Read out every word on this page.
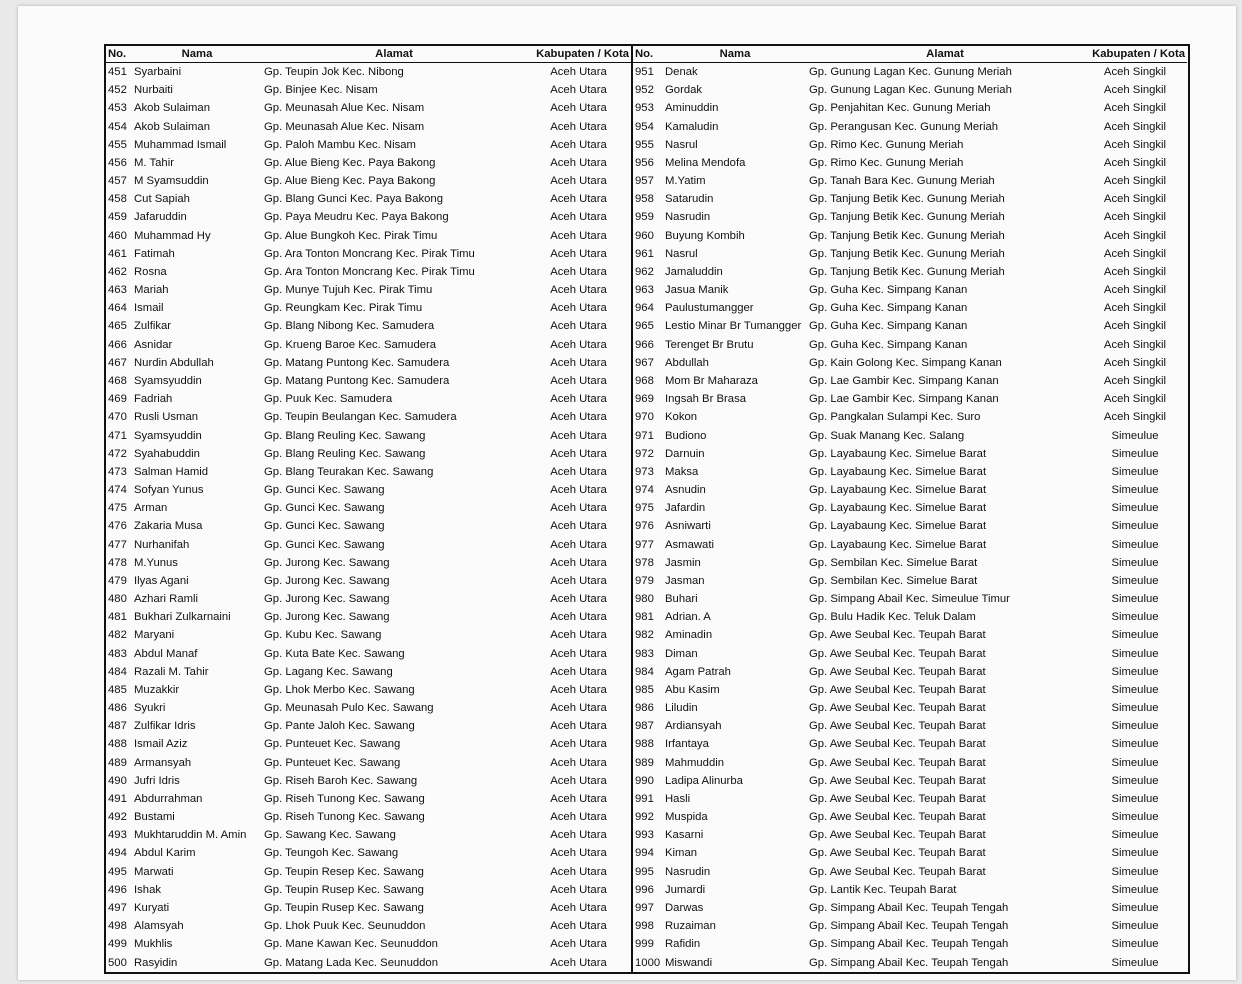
No.	Nama	Alamat	Kabupaten / Kota
451	Syarbaini	Gp. Teupin Jok Kec. Nibong	Aceh Utara
452	Nurbaiti	Gp. Binjee Kec. Nisam	Aceh Utara
453	Akob Sulaiman	Gp. Meunasah Alue Kec. Nisam	Aceh Utara
454	Akob Sulaiman	Gp. Meunasah Alue Kec. Nisam	Aceh Utara
455	Muhammad Ismail	Gp. Paloh Mambu Kec. Nisam	Aceh Utara
456	M. Tahir	Gp. Alue Bieng Kec. Paya Bakong	Aceh Utara
457	M Syamsuddin	Gp. Alue Bieng Kec. Paya Bakong	Aceh Utara
458	Cut Sapiah	Gp. Blang Gunci Kec. Paya Bakong	Aceh Utara
459	Jafaruddin	Gp. Paya Meudru Kec. Paya Bakong	Aceh Utara
460	Muhammad Hy	Gp. Alue Bungkoh Kec. Pirak Timu	Aceh Utara
461	Fatimah	Gp. Ara Tonton Moncrang Kec. Pirak Timu	Aceh Utara
462	Rosna	Gp. Ara Tonton Moncrang Kec. Pirak Timu	Aceh Utara
463	Mariah	Gp. Munye Tujuh Kec. Pirak Timu	Aceh Utara
464	Ismail	Gp. Reungkam Kec. Pirak Timu	Aceh Utara
465	Zulfikar	Gp. Blang Nibong Kec. Samudera	Aceh Utara
466	Asnidar	Gp. Krueng Baroe Kec. Samudera	Aceh Utara
467	Nurdin Abdullah	Gp. Matang Puntong Kec. Samudera	Aceh Utara
468	Syamsyuddin	Gp. Matang Puntong Kec. Samudera	Aceh Utara
469	Fadriah	Gp. Puuk Kec. Samudera	Aceh Utara
470	Rusli Usman	Gp. Teupin Beulangan Kec. Samudera	Aceh Utara
471	Syamsyuddin	Gp. Blang Reuling Kec. Sawang	Aceh Utara
472	Syahabuddin	Gp. Blang Reuling Kec. Sawang	Aceh Utara
473	Salman Hamid	Gp. Blang Teurakan Kec. Sawang	Aceh Utara
474	Sofyan Yunus	Gp. Gunci Kec. Sawang	Aceh Utara
475	Arman	Gp. Gunci Kec. Sawang	Aceh Utara
476	Zakaria Musa	Gp. Gunci Kec. Sawang	Aceh Utara
477	Nurhanifah	Gp. Gunci Kec. Sawang	Aceh Utara
478	M.Yunus	Gp. Jurong Kec. Sawang	Aceh Utara
479	Ilyas Agani	Gp. Jurong Kec. Sawang	Aceh Utara
480	Azhari Ramli	Gp. Jurong Kec. Sawang	Aceh Utara
481	Bukhari Zulkarnaini	Gp. Jurong Kec. Sawang	Aceh Utara
482	Maryani	Gp. Kubu Kec. Sawang	Aceh Utara
483	Abdul Manaf	Gp. Kuta Bate Kec. Sawang	Aceh Utara
484	Razali M. Tahir	Gp. Lagang Kec. Sawang	Aceh Utara
485	Muzakkir	Gp. Lhok Merbo Kec. Sawang	Aceh Utara
486	Syukri	Gp. Meunasah Pulo Kec. Sawang	Aceh Utara
487	Zulfikar Idris	Gp. Pante Jaloh Kec. Sawang	Aceh Utara
488	Ismail Aziz	Gp. Punteuet Kec. Sawang	Aceh Utara
489	Armansyah	Gp. Punteuet Kec. Sawang	Aceh Utara
490	Jufri Idris	Gp. Riseh Baroh Kec. Sawang	Aceh Utara
491	Abdurrahman	Gp. Riseh Tunong Kec. Sawang	Aceh Utara
492	Bustami	Gp. Riseh Tunong Kec. Sawang	Aceh Utara
493	Mukhtaruddin M. Amin	Gp. Sawang Kec. Sawang	Aceh Utara
494	Abdul Karim	Gp. Teungoh Kec. Sawang	Aceh Utara
495	Marwati	Gp. Teupin Resep Kec. Sawang	Aceh Utara
496	Ishak	Gp. Teupin Rusep Kec. Sawang	Aceh Utara
497	Kuryati	Gp. Teupin Rusep Kec. Sawang	Aceh Utara
498	Alamsyah	Gp. Lhok Puuk Kec. Seunuddon	Aceh Utara
499	Mukhlis	Gp. Mane Kawan Kec. Seunuddon	Aceh Utara
500	Rasyidin	Gp. Matang Lada Kec. Seunuddon	Aceh Utara
No.	Nama	Alamat	Kabupaten / Kota
951	Denak	Gp. Gunung Lagan Kec. Gunung Meriah	Aceh Singkil
952	Gordak	Gp. Gunung Lagan Kec. Gunung Meriah	Aceh Singkil
953	Aminuddin	Gp. Penjahitan Kec. Gunung Meriah	Aceh Singkil
954	Kamaludin	Gp. Perangusan Kec. Gunung Meriah	Aceh Singkil
955	Nasrul	Gp. Rimo Kec. Gunung Meriah	Aceh Singkil
956	Melina Mendofa	Gp. Rimo Kec. Gunung Meriah	Aceh Singkil
957	M.Yatim	Gp. Tanah Bara Kec. Gunung Meriah	Aceh Singkil
958	Satarudin	Gp. Tanjung Betik Kec. Gunung Meriah	Aceh Singkil
959	Nasrudin	Gp. Tanjung Betik Kec. Gunung Meriah	Aceh Singkil
960	Buyung Kombih	Gp. Tanjung Betik Kec. Gunung Meriah	Aceh Singkil
961	Nasrul	Gp. Tanjung Betik Kec. Gunung Meriah	Aceh Singkil
962	Jamaluddin	Gp. Tanjung Betik Kec. Gunung Meriah	Aceh Singkil
963	Jasua Manik	Gp. Guha Kec. Simpang Kanan	Aceh Singkil
964	Paulustumangger	Gp. Guha Kec. Simpang Kanan	Aceh Singkil
965	Lestio Minar Br Tumangger	Gp. Guha Kec. Simpang Kanan	Aceh Singkil
966	Terenget Br Brutu	Gp. Guha Kec. Simpang Kanan	Aceh Singkil
967	Abdullah	Gp. Kain Golong Kec. Simpang Kanan	Aceh Singkil
968	Mom Br Maharaza	Gp. Lae Gambir Kec. Simpang Kanan	Aceh Singkil
969	Ingsah Br Brasa	Gp. Lae Gambir Kec. Simpang Kanan	Aceh Singkil
970	Kokon	Gp. Pangkalan Sulampi Kec. Suro	Aceh Singkil
971	Budiono	Gp. Suak Manang Kec. Salang	Simeulue
972	Darnuin	Gp. Layabaung Kec. Simelue Barat	Simeulue
973	Maksa	Gp. Layabaung Kec. Simelue Barat	Simeulue
974	Asnudin	Gp. Layabaung Kec. Simelue Barat	Simeulue
975	Jafardin	Gp. Layabaung Kec. Simelue Barat	Simeulue
976	Asniwarti	Gp. Layabaung Kec. Simelue Barat	Simeulue
977	Asmawati	Gp. Layabaung Kec. Simelue Barat	Simeulue
978	Jasmin	Gp. Sembilan Kec. Simelue Barat	Simeulue
979	Jasman	Gp. Sembilan Kec. Simelue Barat	Simeulue
980	Buhari	Gp. Simpang Abail Kec. Simeulue Timur	Simeulue
981	Adrian. A	Gp. Bulu Hadik Kec. Teluk Dalam	Simeulue
982	Aminadin	Gp. Awe Seubal Kec. Teupah Barat	Simeulue
983	Diman	Gp. Awe Seubal Kec. Teupah Barat	Simeulue
984	Agam Patrah	Gp. Awe Seubal Kec. Teupah Barat	Simeulue
985	Abu Kasim	Gp. Awe Seubal Kec. Teupah Barat	Simeulue
986	Liludin	Gp. Awe Seubal Kec. Teupah Barat	Simeulue
987	Ardiansyah	Gp. Awe Seubal Kec. Teupah Barat	Simeulue
988	Irfantaya	Gp. Awe Seubal Kec. Teupah Barat	Simeulue
989	Mahmuddin	Gp. Awe Seubal Kec. Teupah Barat	Simeulue
990	Ladipa Alinurba	Gp. Awe Seubal Kec. Teupah Barat	Simeulue
991	Hasli	Gp. Awe Seubal Kec. Teupah Barat	Simeulue
992	Muspida	Gp. Awe Seubal Kec. Teupah Barat	Simeulue
993	Kasarni	Gp. Awe Seubal Kec. Teupah Barat	Simeulue
994	Kiman	Gp. Awe Seubal Kec. Teupah Barat	Simeulue
995	Nasrudin	Gp. Awe Seubal Kec. Teupah Barat	Simeulue
996	Jumardi	Gp. Lantik Kec. Teupah Barat	Simeulue
997	Darwas	Gp. Simpang Abail Kec. Teupah Tengah	Simeulue
998	Ruzaiman	Gp. Simpang Abail Kec. Teupah Tengah	Simeulue
999	Rafidin	Gp. Simpang Abail Kec. Teupah Tengah	Simeulue
1000	Miswandi	Gp. Simpang Abail Kec. Teupah Tengah	Simeulue
